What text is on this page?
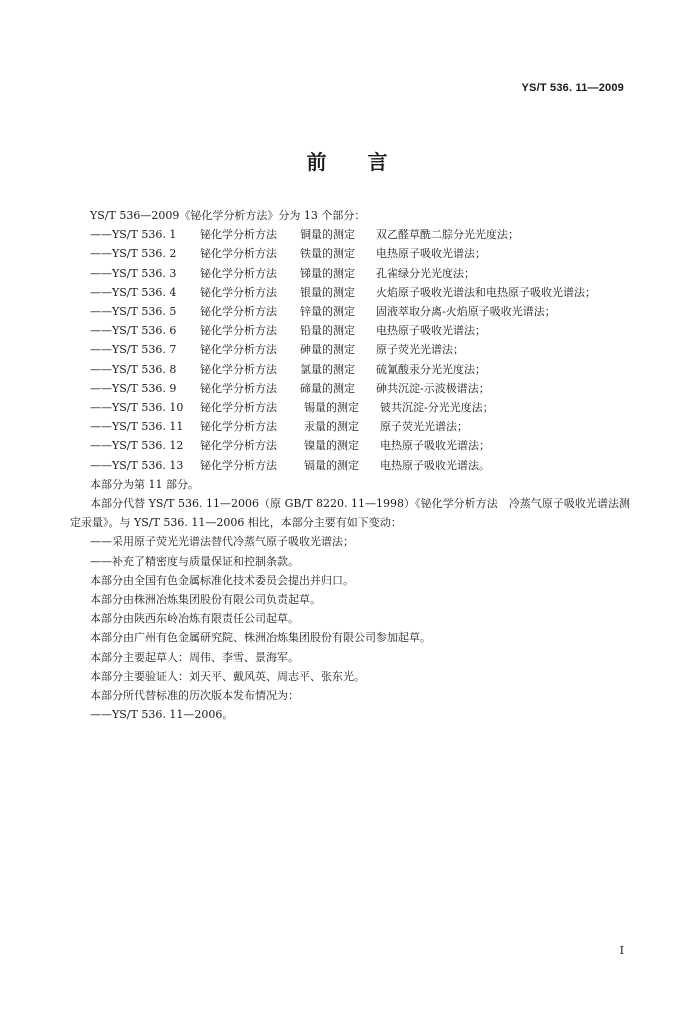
YS/T 536. 11—2009
前 言
YS/T 536—2009《铋化学分析方法》分为 13 个部分：
——YS/T 536. 1	铋化学分析方法	铜量的测定	双乙醛草酰二腙分光光度法；
——YS/T 536. 2	铋化学分析方法	铁量的测定	电热原子吸收光谱法；
——YS/T 536. 3	铋化学分析方法	锑量的测定	孔雀绿分光光度法；
——YS/T 536. 4	铋化学分析方法	银量的测定	火焰原子吸收光谱法和电热原子吸收光谱法；
——YS/T 536. 5	铋化学分析方法	锌量的测定	固液萃取分离-火焰原子吸收光谱法；
——YS/T 536. 6	铋化学分析方法	铅量的测定	电热原子吸收光谱法；
——YS/T 536. 7	铋化学分析方法	砷量的测定	原子荧光光谱法；
——YS/T 536. 8	铋化学分析方法	氯量的测定	硫氰酸汞分光光度法；
——YS/T 536. 9	铋化学分析方法	碲量的测定	砷共沉淀-示波极谱法；
——YS/T 536. 10	铋化学分析方法	锡量的测定	铍共沉淀-分光光度法；
——YS/T 536. 11	铋化学分析方法	汞量的测定	原子荧光光谱法；
——YS/T 536. 12	铋化学分析方法	镍量的测定	电热原子吸收光谱法；
——YS/T 536. 13	铋化学分析方法	镉量的测定	电热原子吸收光谱法。
本部分为第 11 部分。
本部分代替 YS/T 536. 11—2006（原 GB/T 8220. 11—1998）《铋化学分析方法　冷蒸气原子吸收光谱法测定汞量》。与 YS/T 536. 11—2006 相比，本部分主要有如下变动：
——采用原子荧光光谱法替代冷蒸气原子吸收光谱法；
——补充了精密度与质量保证和控制条款。
本部分由全国有色金属标准化技术委员会提出并归口。
本部分由株洲冶炼集团股份有限公司负责起草。
本部分由陕西东岭冶炼有限责任公司起草。
本部分由广州有色金属研究院、株洲冶炼集团股份有限公司参加起草。
本部分主要起草人：周伟、李雪、景海军。
本部分主要验证人：刘天平、戴风英、周志平、张东光。
本部分所代替标准的历次版本发布情况为：
——YS/T 536. 11—2006。
I
